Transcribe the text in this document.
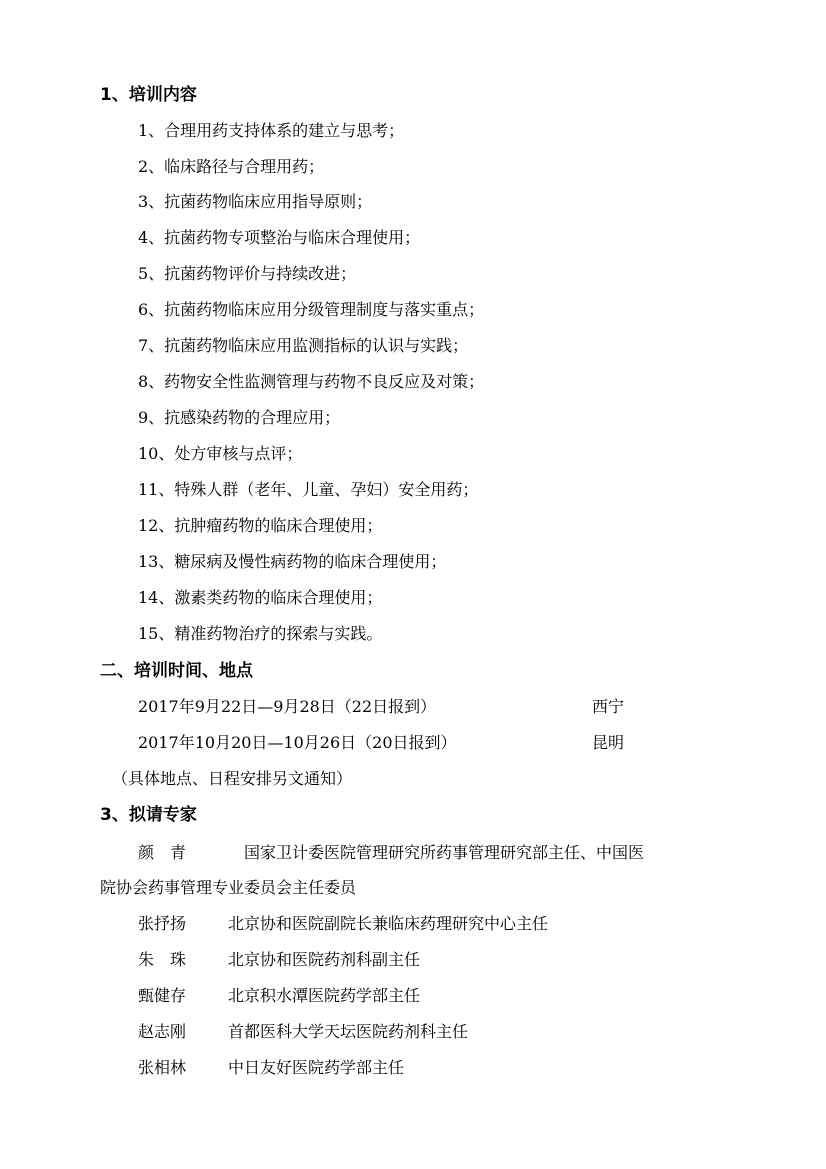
1、培训内容
1、合理用药支持体系的建立与思考；
2、临床路径与合理用药；
3、抗菌药物临床应用指导原则；
4、抗菌药物专项整治与临床合理使用；
5、抗菌药物评价与持续改进；
6、抗菌药物临床应用分级管理制度与落实重点；
7、抗菌药物临床应用监测指标的认识与实践；
8、药物安全性监测管理与药物不良反应及对策；
9、抗感染药物的合理应用；
10、处方审核与点评；
11、特殊人群（老年、儿童、孕妇）安全用药；
12、抗肿瘤药物的临床合理使用；
13、糖尿病及慢性病药物的临床合理使用；
14、激素类药物的临床合理使用；
15、精准药物治疗的探索与实践。
二、培训时间、地点
2017年9月22日—9月28日（22日报到）	西宁
2017年10月20日—10月26日（20日报到）	昆明
（具体地点、日程安排另文通知）
3、拟请专家
颜　青	国家卫计委医院管理研究所药事管理研究部主任、中国医
院协会药事管理专业委员会主任委员
张抒扬	北京协和医院副院长兼临床药理研究中心主任
朱　珠	北京协和医院药剂科副主任
甄健存	北京积水潭医院药学部主任
赵志刚	首都医科大学天坛医院药剂科主任
张相林	中日友好医院药学部主任
